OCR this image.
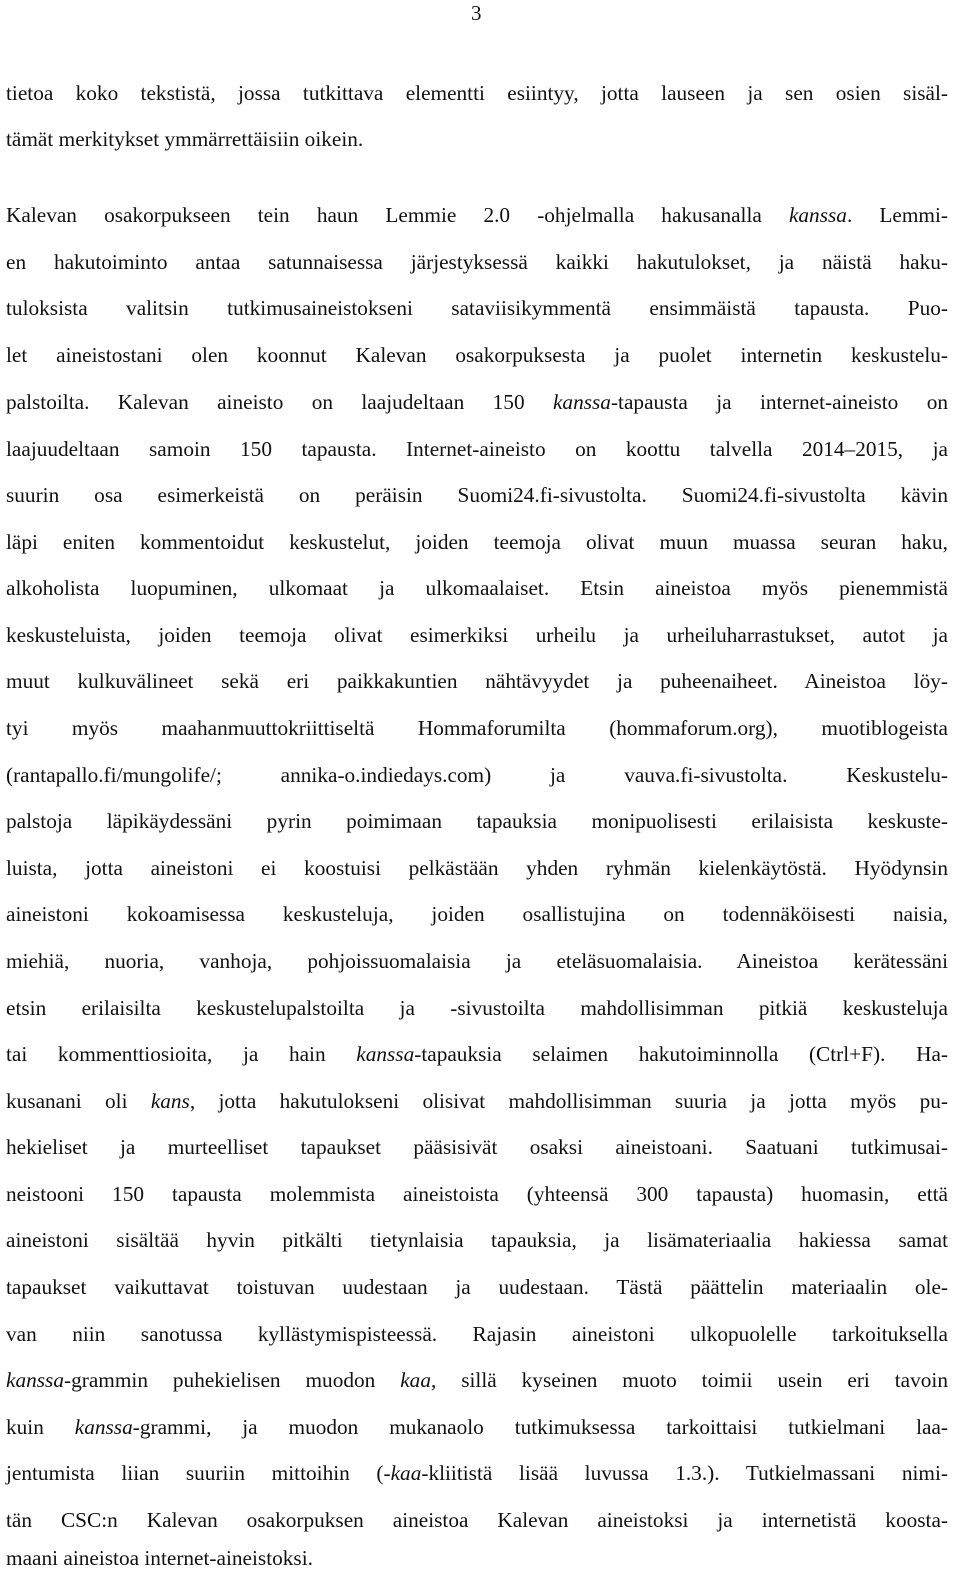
3
tietoa koko tekstistä, jossa tutkittava elementti esiintyy, jotta lauseen ja sen osien sisäl-
tämät merkitykset ymmärrettäisiin oikein.
Kalevan osakorpukseen tein haun Lemmie 2.0 -ohjelmalla hakusanalla kanssa. Lemmi-
en hakutoiminto antaa satunnaisessa järjestyksessä kaikki hakutulokset, ja näistä haku-
tuloksista valitsin tutkimusaineistokseni sataviisikymmentä ensimmäistä tapausta. Puo-
let aineistostani olen koonnut Kalevan osakorpuksesta ja puolet internetin keskustelu-
palstoilta. Kalevan aineisto on laajudeltaan 150 kanssa-tapausta ja internet-aineisto on
laajuudeltaan samoin 150 tapausta. Internet-aineisto on koottu talvella 2014–2015, ja
suurin osa esimerkeistä on peräisin Suomi24.fi-sivustolta. Suomi24.fi-sivustolta kävin
läpi eniten kommentoidut keskustelut, joiden teemoja olivat muun muassa seuran haku,
alkoholista luopuminen, ulkomaat ja ulkomaalaiset. Etsin aineistoa myös pienemmistä
keskusteluista, joiden teemoja olivat esimerkiksi urheilu ja urheiluharrastukset, autot ja
muut kulkuvälineet sekä eri paikkakuntien nähtävyydet ja puheenaiheet. Aineistoa löy-
tyi myös maahanmuuttokriittiseltä Hommaforumilta (hommaforum.org), muotiblogeista
(rantapallo.fi/mungolife/; annika-o.indiedays.com) ja vauva.fi-sivustolta. Keskustelu-
palstoja läpikäydessäni pyrin poimimaan tapauksia monipuolisesti erilaisista keskuste-
luista, jotta aineistoni ei koostuisi pelkästään yhden ryhmän kielenkäytöstä. Hyödynsin
aineistoni kokoamisessa keskusteluja, joiden osallistujina on todennäköisesti naisia,
miehiä, nuoria, vanhoja, pohjoissuomalaisia ja eteläsuomalaisia. Aineistoa kerätessäni
etsin erilaisilta keskustelupalstoilta ja -sivustoilta mahdollisimman pitkiä keskusteluja
tai kommenttiosioita, ja hain kanssa-tapauksia selaimen hakutoiminnolla (Ctrl+F). Ha-
kusanani oli kans, jotta hakutulokseni olisivat mahdollisimman suuria ja jotta myös pu-
hekieliset ja murteelliset tapaukset pääsisivät osaksi aineistoani. Saatuani tutkimusai-
neistooni 150 tapausta molemmista aineistoista (yhteensä 300 tapausta) huomasin, että
aineistoni sisältää hyvin pitkälti tietynlaisia tapauksia, ja lisämateriaalia hakiessa samat
tapaukset vaikuttavat toistuvan uudestaan ja uudestaan. Tästä päättelin materiaalin ole-
van niin sanotussa kyllästymispisteessä. Rajasin aineistoni ulkopuolelle tarkoituksella
kanssa-grammin puhekielisen muodon kaa, sillä kyseinen muoto toimii usein eri tavoin
kuin kanssa-grammi, ja muodon mukanaolo tutkimuksessa tarkoittaisi tutkielmani laa-
jentumista liian suuriin mittoihin (-kaa-kliitistä lisää luvussa 1.3.). Tutkielmassani nimi-
tän CSC:n Kalevan osakorpuksen aineistoa Kalevan aineistoksi ja internetistä koosta-
maani aineistoa internet-aineistoksi.
